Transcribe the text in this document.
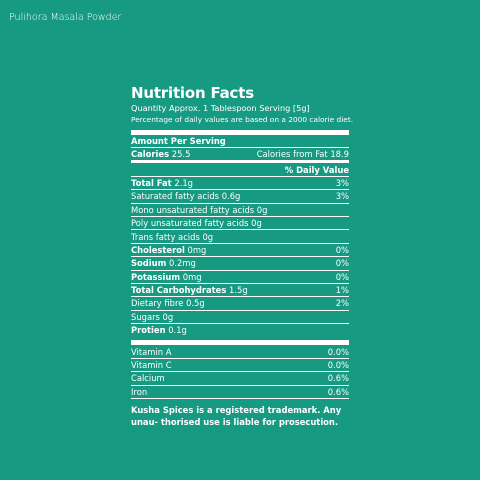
Pulihora Masala Powder
Nutrition Facts
Quantity Approx. 1 Tablespoon Serving [5g]
Percentage of daily values are based on a 2000 calorie diet.
Amount Per Serving
Calories 25.5	Calories from Fat 18.9
% Daily Value
Total Fat 2.1g	3%
Saturated fatty acids 0.6g	3%
Mono unsaturated fatty acids 0g
Poly unsaturated fatty acids 0g
Trans fatty acids 0g
Cholesterol 0mg	0%
Sodium 0.2mg	0%
Potassium 0mg	0%
Total Carbohydrates 1.5g	1%
Dietary fibre 0.5g	2%
Sugars 0g
Protien 0.1g
Vitamin A	0.0%
Vitamin C	0.0%
Calcium	0.6%
Iron	0.6%
Kusha Spices is a registered trademark. Any unau- thorised use is liable for prosecution.
